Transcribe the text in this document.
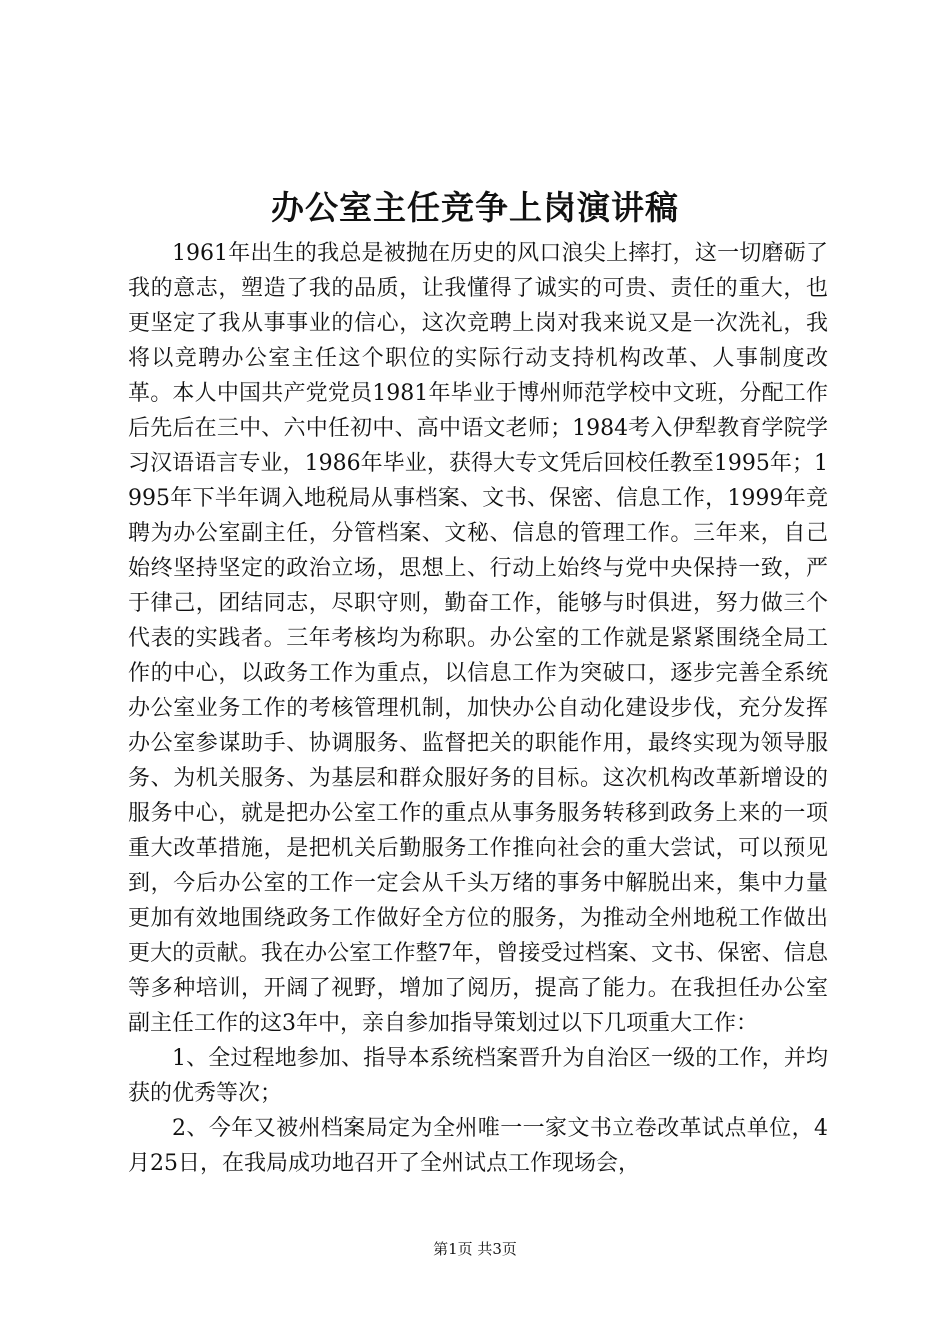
办公室主任竞争上岗演讲稿

1961年出生的我总是被抛在历史的风口浪尖上摔打，这一切磨砺了我的意志，塑造了我的品质，让我懂得了诚实的可贵、责任的重大，也更坚定了我从事事业的信心，这次竞聘上岗对我来说又是一次洗礼，我将以竞聘办公室主任这个职位的实际行动支持机构改革、人事制度改革。本人中国共产党党员1981年毕业于博州师范学校中文班，分配工作后先后在三中、六中任初中、高中语文老师；1984考入伊犁教育学院学习汉语语言专业，1986年毕业，获得大专文凭后回校任教至1995年；1995年下半年调入地税局从事档案、文书、保密、信息工作，1999年竞聘为办公室副主任，分管档案、文秘、信息的管理工作。三年来，自己始终坚持坚定的政治立场，思想上、行动上始终与党中央保持一致，严于律己，团结同志，尽职守则，勤奋工作，能够与时俱进，努力做三个代表的实践者。三年考核均为称职。办公室的工作就是紧紧围绕全局工作的中心，以政务工作为重点，以信息工作为突破口，逐步完善全系统办公室业务工作的考核管理机制，加快办公自动化建设步伐，充分发挥办公室参谋助手、协调服务、监督把关的职能作用，最终实现为领导服务、为机关服务、为基层和群众服好务的目标。这次机构改革新增设的服务中心，就是把办公室工作的重点从事务服务转移到政务上来的一项重大改革措施，是把机关后勤服务工作推向社会的重大尝试，可以预见到，今后办公室的工作一定会从千头万绪的事务中解脱出来，集中力量更加有效地围绕政务工作做好全方位的服务，为推动全州地税工作做出更大的贡献。我在办公室工作整7年，曾接受过档案、文书、保密、信息等多种培训，开阔了视野，增加了阅历，提高了能力。在我担任办公室副主任工作的这3年中，亲自参加指导策划过以下几项重大工作：

1、全过程地参加、指导本系统档案晋升为自治区一级的工作，并均获的优秀等次；

2、今年又被州档案局定为全州唯一一家文书立卷改革试点单位，4月25日，在我局成功地召开了全州试点工作现场会，

第1页 共3页
